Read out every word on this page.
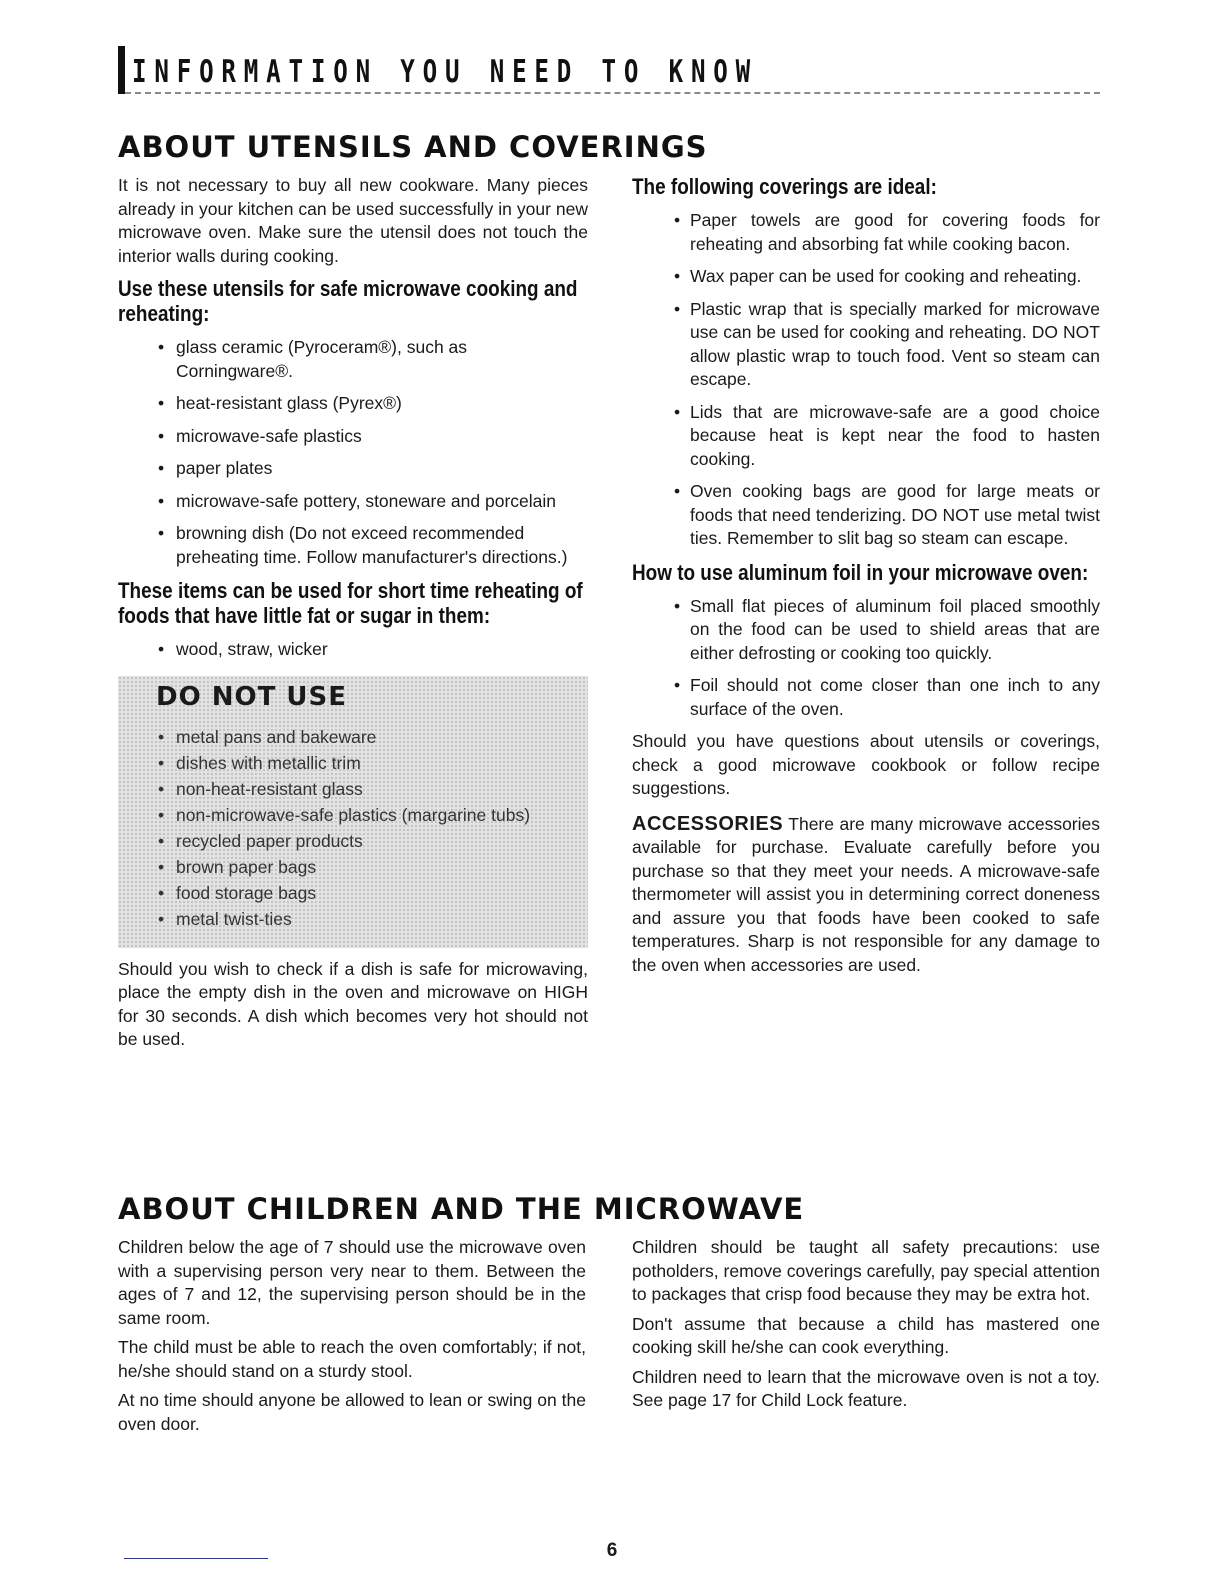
INFORMATION YOU NEED TO KNOW
ABOUT UTENSILS AND COVERINGS

It is not necessary to buy all new cookware. Many pieces already in your kitchen can be used successfully in your new microwave oven. Make sure the utensil does not touch the interior walls during cooking.

Use these utensils for safe microwave cooking and reheating:
• glass ceramic (Pyroceram®), such as Corningware®.
• heat-resistant glass (Pyrex®)
• microwave-safe plastics
• paper plates
• microwave-safe pottery, stoneware and porcelain
• browning dish (Do not exceed recommended preheating time. Follow manufacturer's directions.)
These items can be used for short time reheating of foods that have little fat or sugar in them:
• wood, straw, wicker
DO NOT USE
• metal pans and bakeware
• dishes with metallic trim
• non-heat-resistant glass
• non-microwave-safe plastics (margarine tubs)
• recycled paper products
• brown paper bags
• food storage bags
• metal twist-ties

Should you wish to check if a dish is safe for microwaving, place the empty dish in the oven and microwave on HIGH for 30 seconds. A dish which becomes very hot should not be used.

The following coverings are ideal:
• Paper towels are good for covering foods for reheating and absorbing fat while cooking bacon.
• Wax paper can be used for cooking and reheating.
• Plastic wrap that is specially marked for microwave use can be used for cooking and reheating. DO NOT allow plastic wrap to touch food. Vent so steam can escape.
• Lids that are microwave-safe are a good choice because heat is kept near the food to hasten cooking.
• Oven cooking bags are good for large meats or foods that need tenderizing. DO NOT use metal twist ties. Remember to slit bag so steam can escape.
How to use aluminum foil in your microwave oven:
• Small flat pieces of aluminum foil placed smoothly on the food can be used to shield areas that are either defrosting or cooking too quickly.
• Foil should not come closer than one inch to any surface of the oven.

Should you have questions about utensils or coverings, check a good microwave cookbook or follow recipe suggestions.

ACCESSORIES There are many microwave accessories available for purchase. Evaluate carefully before you purchase so that they meet your needs. A microwave-safe thermometer will assist you in determining correct doneness and assure you that foods have been cooked to safe temperatures. Sharp is not responsible for any damage to the oven when accessories are used.

ABOUT CHILDREN AND THE MICROWAVE

Children below the age of 7 should use the microwave oven with a supervising person very near to them. Between the ages of 7 and 12, the supervising person should be in the same room.

The child must be able to reach the oven comfortably; if not, he/she should stand on a sturdy stool.

At no time should anyone be allowed to lean or swing on the oven door.

Children should be taught all safety precautions: use potholders, remove coverings carefully, pay special attention to packages that crisp food because they may be extra hot.

Don't assume that because a child has mastered one cooking skill he/she can cook everything.

Children need to learn that the microwave oven is not a toy. See page 17 for Child Lock feature.

6
